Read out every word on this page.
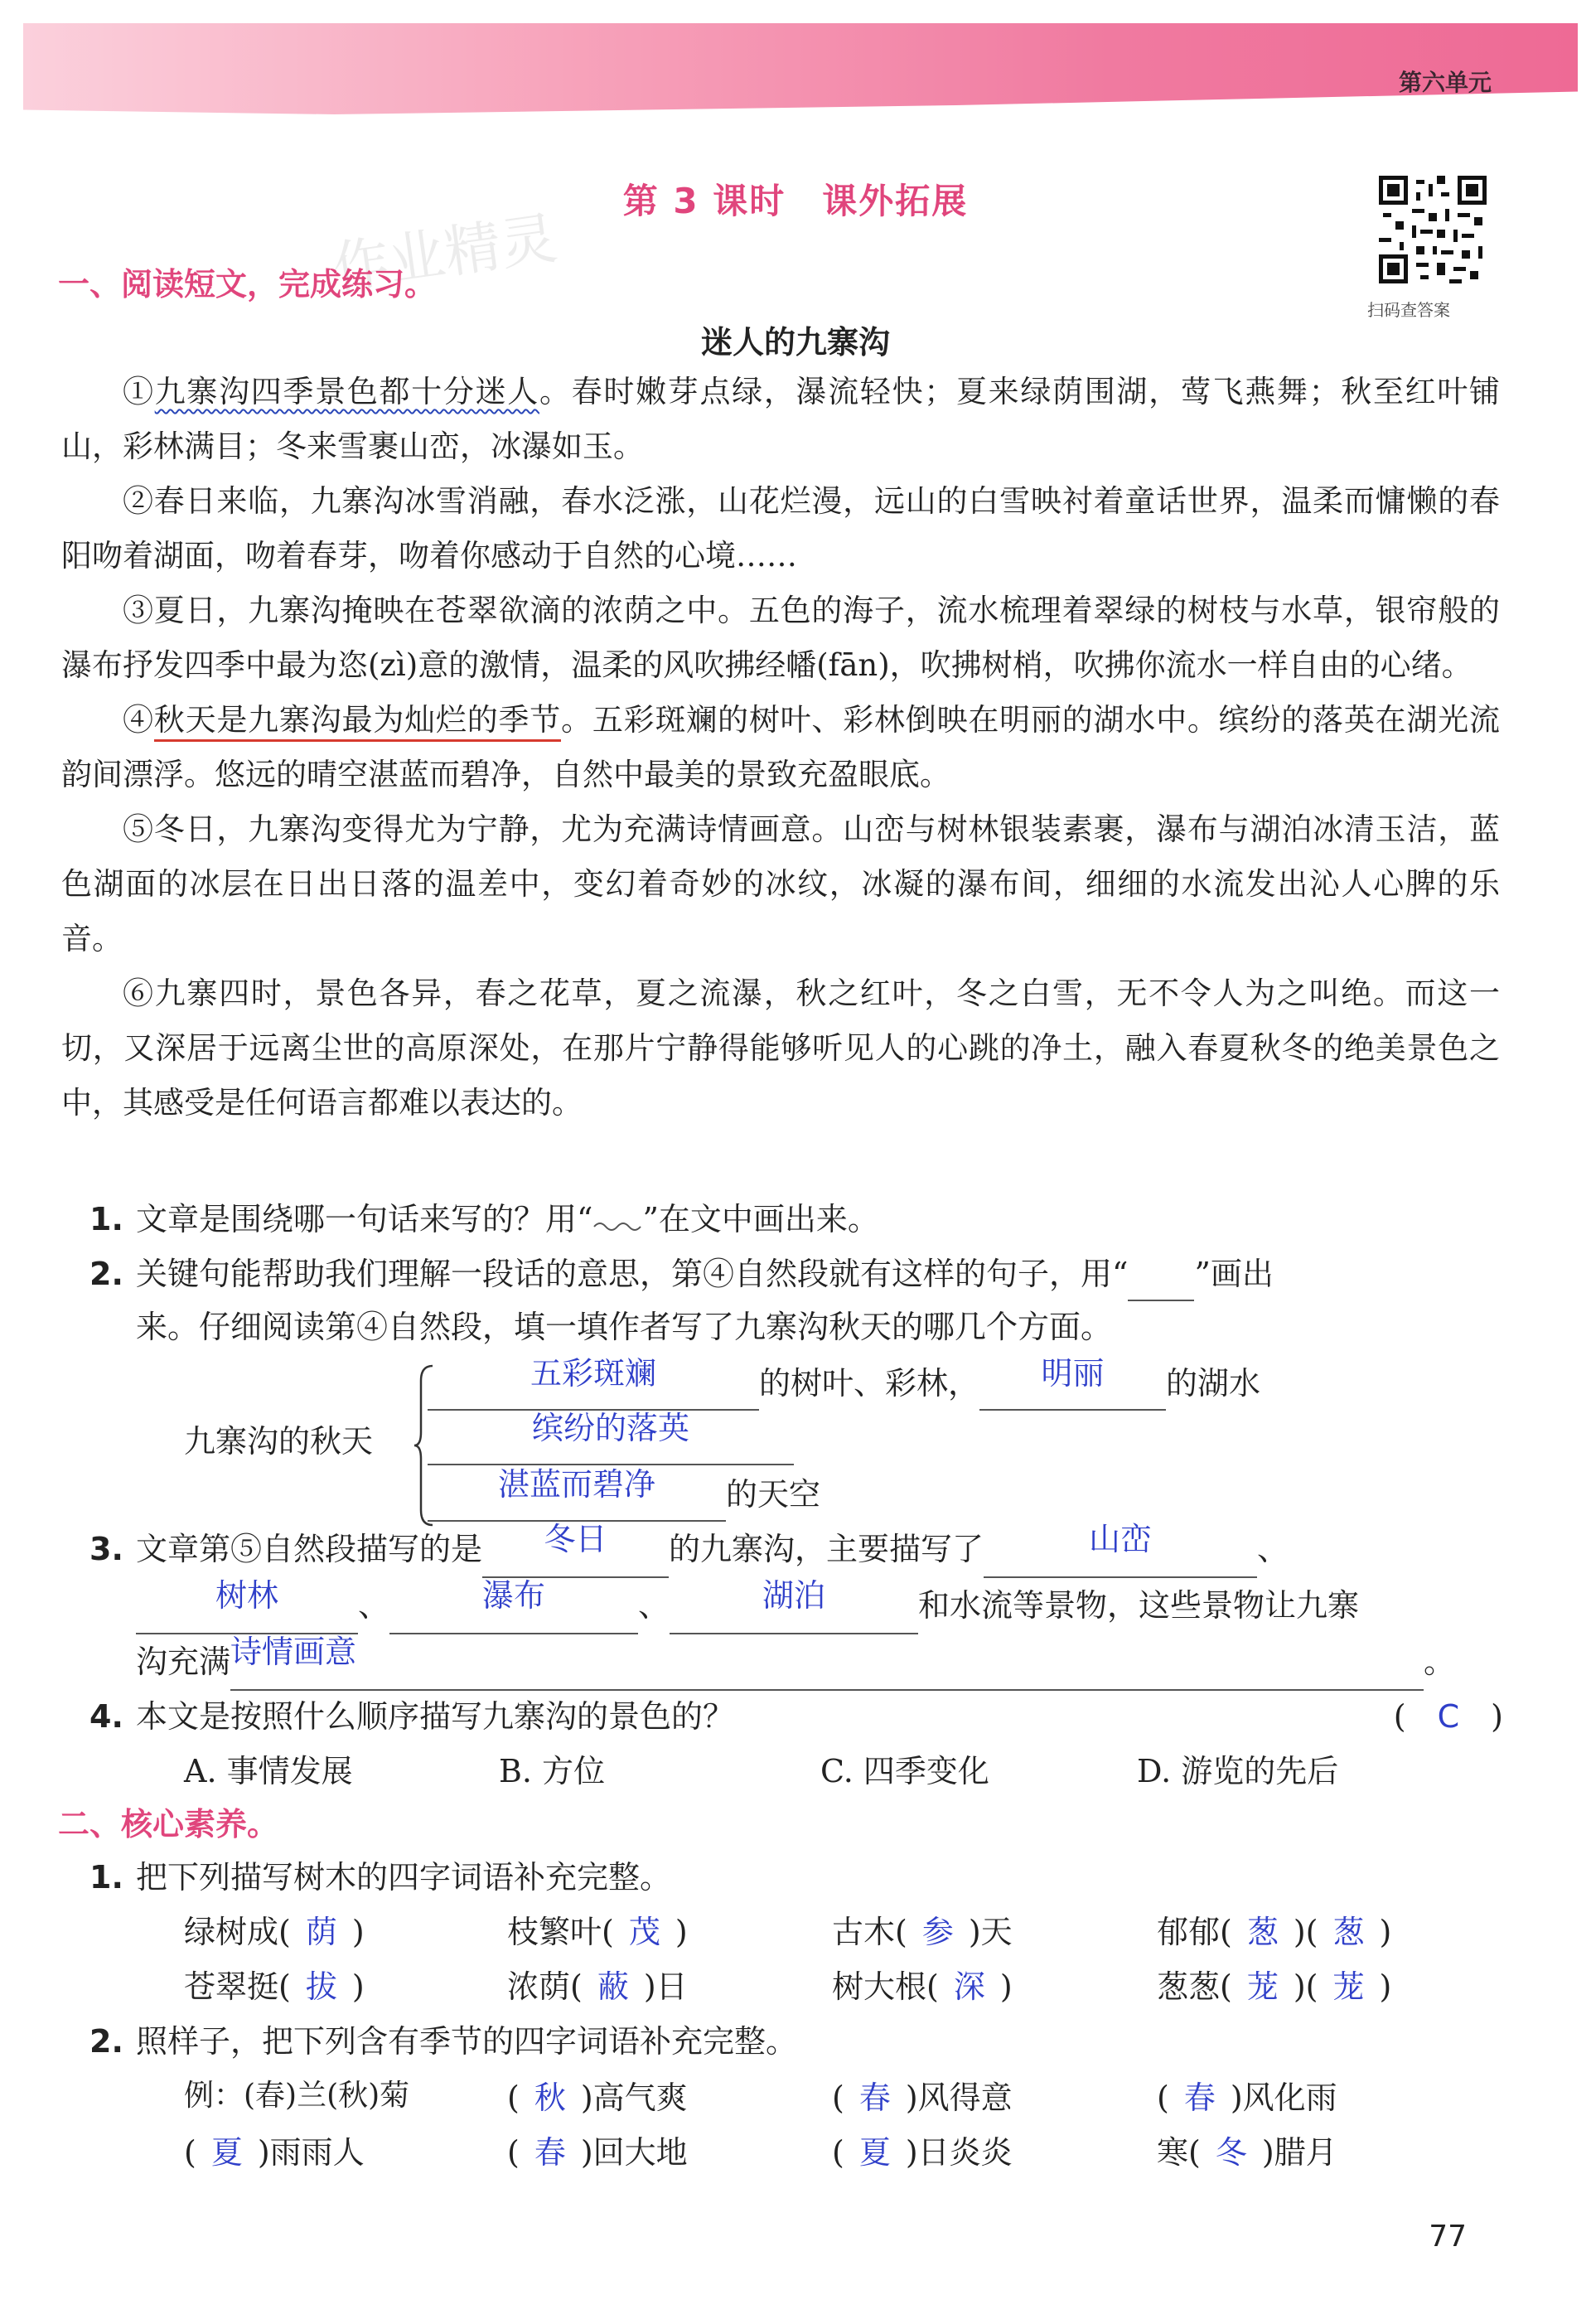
第六单元
第 3 课时　课外拓展
作业精灵
扫码查答案
一、阅读短文，完成练习。
迷人的九寨沟

①九寨沟四季景色都十分迷人。春时嫩芽点绿，瀑流轻快；夏来绿荫围湖，莺飞燕舞；秋至红叶铺山，彩林满目；冬来雪裹山峦，冰瀑如玉。

②春日来临，九寨沟冰雪消融，春水泛涨，山花烂漫，远山的白雪映衬着童话世界，温柔而慵懒的春阳吻着湖面，吻着春芽，吻着你感动于自然的心境……

③夏日，九寨沟掩映在苍翠欲滴的浓荫之中。五色的海子，流水梳理着翠绿的树枝与水草，银帘般的瀑布抒发四季中最为恣(zì)意的激情，温柔的风吹拂经幡(fān)，吹拂树梢，吹拂你流水一样自由的心绪。

④秋天是九寨沟最为灿烂的季节。五彩斑斓的树叶、彩林倒映在明丽的湖水中。缤纷的落英在湖光流韵间漂浮。悠远的晴空湛蓝而碧净，自然中最美的景致充盈眼底。

⑤冬日，九寨沟变得尤为宁静，尤为充满诗情画意。山峦与树林银装素裹，瀑布与湖泊冰清玉洁，蓝色湖面的冰层在日出日落的温差中，变幻着奇妙的冰纹，冰凝的瀑布间，细细的水流发出沁人心脾的乐音。

⑥九寨四时，景色各异，春之花草，夏之流瀑，秋之红叶，冬之白雪，无不令人为之叫绝。而这一切，又深居于远离尘世的高原深处，在那片宁静得能够听见人的心跳的净土，融入春夏秋冬的绝美景色之中，其感受是任何语言都难以表达的。

1. 文章是围绕哪一句话来写的？用“ ”在文中画出来。
2. 关键句能帮助我们理解一段话的意思，第④自然段就有这样的句子，用“ ”画出
来。仔细阅读第④自然段，填一填作者写了九寨沟秋天的哪几个方面。
九寨沟的秋天
五彩斑斓	的树叶、彩林， 明丽 的湖水
缤纷的落英
湛蓝而碧净 的天空
3. 文章第⑤自然段描写的是 冬日 的九寨沟，主要描写了	山峦	、
树林	、	瀑布	、	湖泊	和水流等景物，这些景物让九寨
沟充满诗情画意	。
4. 本文是按照什么顺序描写九寨沟的景色的？	(　C　)
A. 事情发展	B. 方位	C. 四季变化	D. 游览的先后
二、核心素养。
1. 把下列描写树木的四字词语补充完整。
绿树成( 荫 )	枝繁叶( 茂 )	古木( 参 )天	郁郁( 葱 )( 葱 )
苍翠挺( 拔 )	浓荫( 蔽 )日	树大根( 深 )	葱葱( 茏 )( 茏 )
2. 照样子，把下列含有季节的四字词语补充完整。
例：(春)兰(秋)菊	( 秋 )高气爽	( 春 )风得意	( 春 )风化雨
( 夏 )雨雨人	( 春 )回大地	( 夏 )日炎炎	寒( 冬 )腊月
77
